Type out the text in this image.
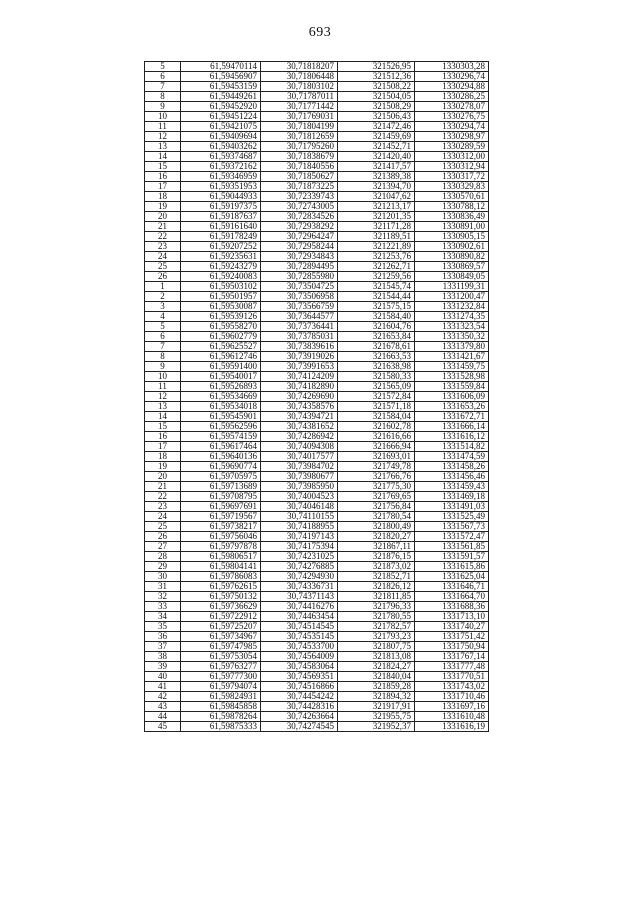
693
5	61,59470114	30,71818207	321526,95	1330303,28
6	61,59456907	30,71806448	321512,36	1330296,74
7	61,59453159	30,71803102	321508,22	1330294,88
8	61,59449261	30,71787011	321504,05	1330286,25
9	61,59452920	30,71771442	321508,29	1330278,07
10	61,59451224	30,71769031	321506,43	1330276,75
11	61,59421075	30,71804199	321472,46	1330294,74
12	61,59409694	30,71812659	321459,69	1330298,97
13	61,59403262	30,71795260	321452,71	1330289,59
14	61,59374687	30,71838679	321420,40	1330312,00
15	61,59372162	30,71840556	321417,57	1330312,94
16	61,59346959	30,71850627	321389,38	1330317,72
17	61,59351953	30,71873225	321394,70	1330329,83
18	61,59044933	30,72339743	321047,62	1330570,61
19	61,59197375	30,72743005	321213,17	1330788,12
20	61,59187637	30,72834526	321201,35	1330836,49
21	61,59161640	30,72938292	321171,28	1330891,00
22	61,59178249	30,72964247	321189,51	1330905,15
23	61,59207252	30,72958244	321221,89	1330902,61
24	61,59235631	30,72934843	321253,76	1330890,82
25	61,59243279	30,72894495	321262,71	1330869,57
26	61,59240083	30,72855980	321259,56	1330849,05
1	61,59503102	30,73504725	321545,74	1331199,31
2	61,59501957	30,73506958	321544,44	1331200,47
3	61,59530087	30,73566759	321575,15	1331232,84
4	61,59539126	30,73644577	321584,40	1331274,35
5	61,59558270	30,73736441	321604,76	1331323,54
6	61,59602779	30,73785031	321653,84	1331350,32
7	61,59625527	30,73839616	321678,61	1331379,80
8	61,59612746	30,73919026	321663,53	1331421,67
9	61,59591400	30,73991653	321638,98	1331459,75
10	61,59540017	30,74124209	321580,33	1331528,98
11	61,59526893	30,74182890	321565,09	1331559,84
12	61,59534669	30,74269690	321572,84	1331606,09
13	61,59534018	30,74358576	321571,18	1331653,26
14	61,59545901	30,74394721	321584,04	1331672,71
15	61,59562596	30,74381652	321602,78	1331666,14
16	61,59574159	30,74286942	321616,66	1331616,12
17	61,59617464	30,74094308	321666,94	1331514,82
18	61,59640136	30,74017577	321693,01	1331474,59
19	61,59690774	30,73984702	321749,78	1331458,26
20	61,59705975	30,73980677	321766,76	1331456,46
21	61,59713689	30,73985950	321775,30	1331459,43
22	61,59708795	30,74004523	321769,65	1331469,18
23	61,59697691	30,74046148	321756,84	1331491,03
24	61,59719567	30,74110155	321780,54	1331525,49
25	61,59738217	30,74188955	321800,49	1331567,73
26	61,59756046	30,74197143	321820,27	1331572,47
27	61,59797878	30,74175394	321867,11	1331561,85
28	61,59806517	30,74231025	321876,15	1331591,57
29	61,59804141	30,74276885	321873,02	1331615,86
30	61,59786083	30,74294930	321852,71	1331625,04
31	61,59762615	30,74336731	321826,12	1331646,71
32	61,59750132	30,74371143	321811,85	1331664,70
33	61,59736629	30,74416276	321796,33	1331688,36
34	61,59722912	30,74463454	321780,55	1331713,10
35	61,59725207	30,74514545	321782,57	1331740,27
36	61,59734967	30,74535145	321793,23	1331751,42
37	61,59747985	30,74533700	321807,75	1331750,94
38	61,59753054	30,74564009	321813,08	1331767,14
39	61,59763277	30,74583064	321824,27	1331777,48
40	61,59777300	30,74569351	321840,04	1331770,51
41	61,59794074	30,74516866	321859,28	1331743,02
42	61,59824931	30,74454242	321894,32	1331710,46
43	61,59845858	30,74428316	321917,91	1331697,16
44	61,59878264	30,74263664	321955,75	1331610,48
45	61,59875333	30,74274545	321952,37	1331616,19
